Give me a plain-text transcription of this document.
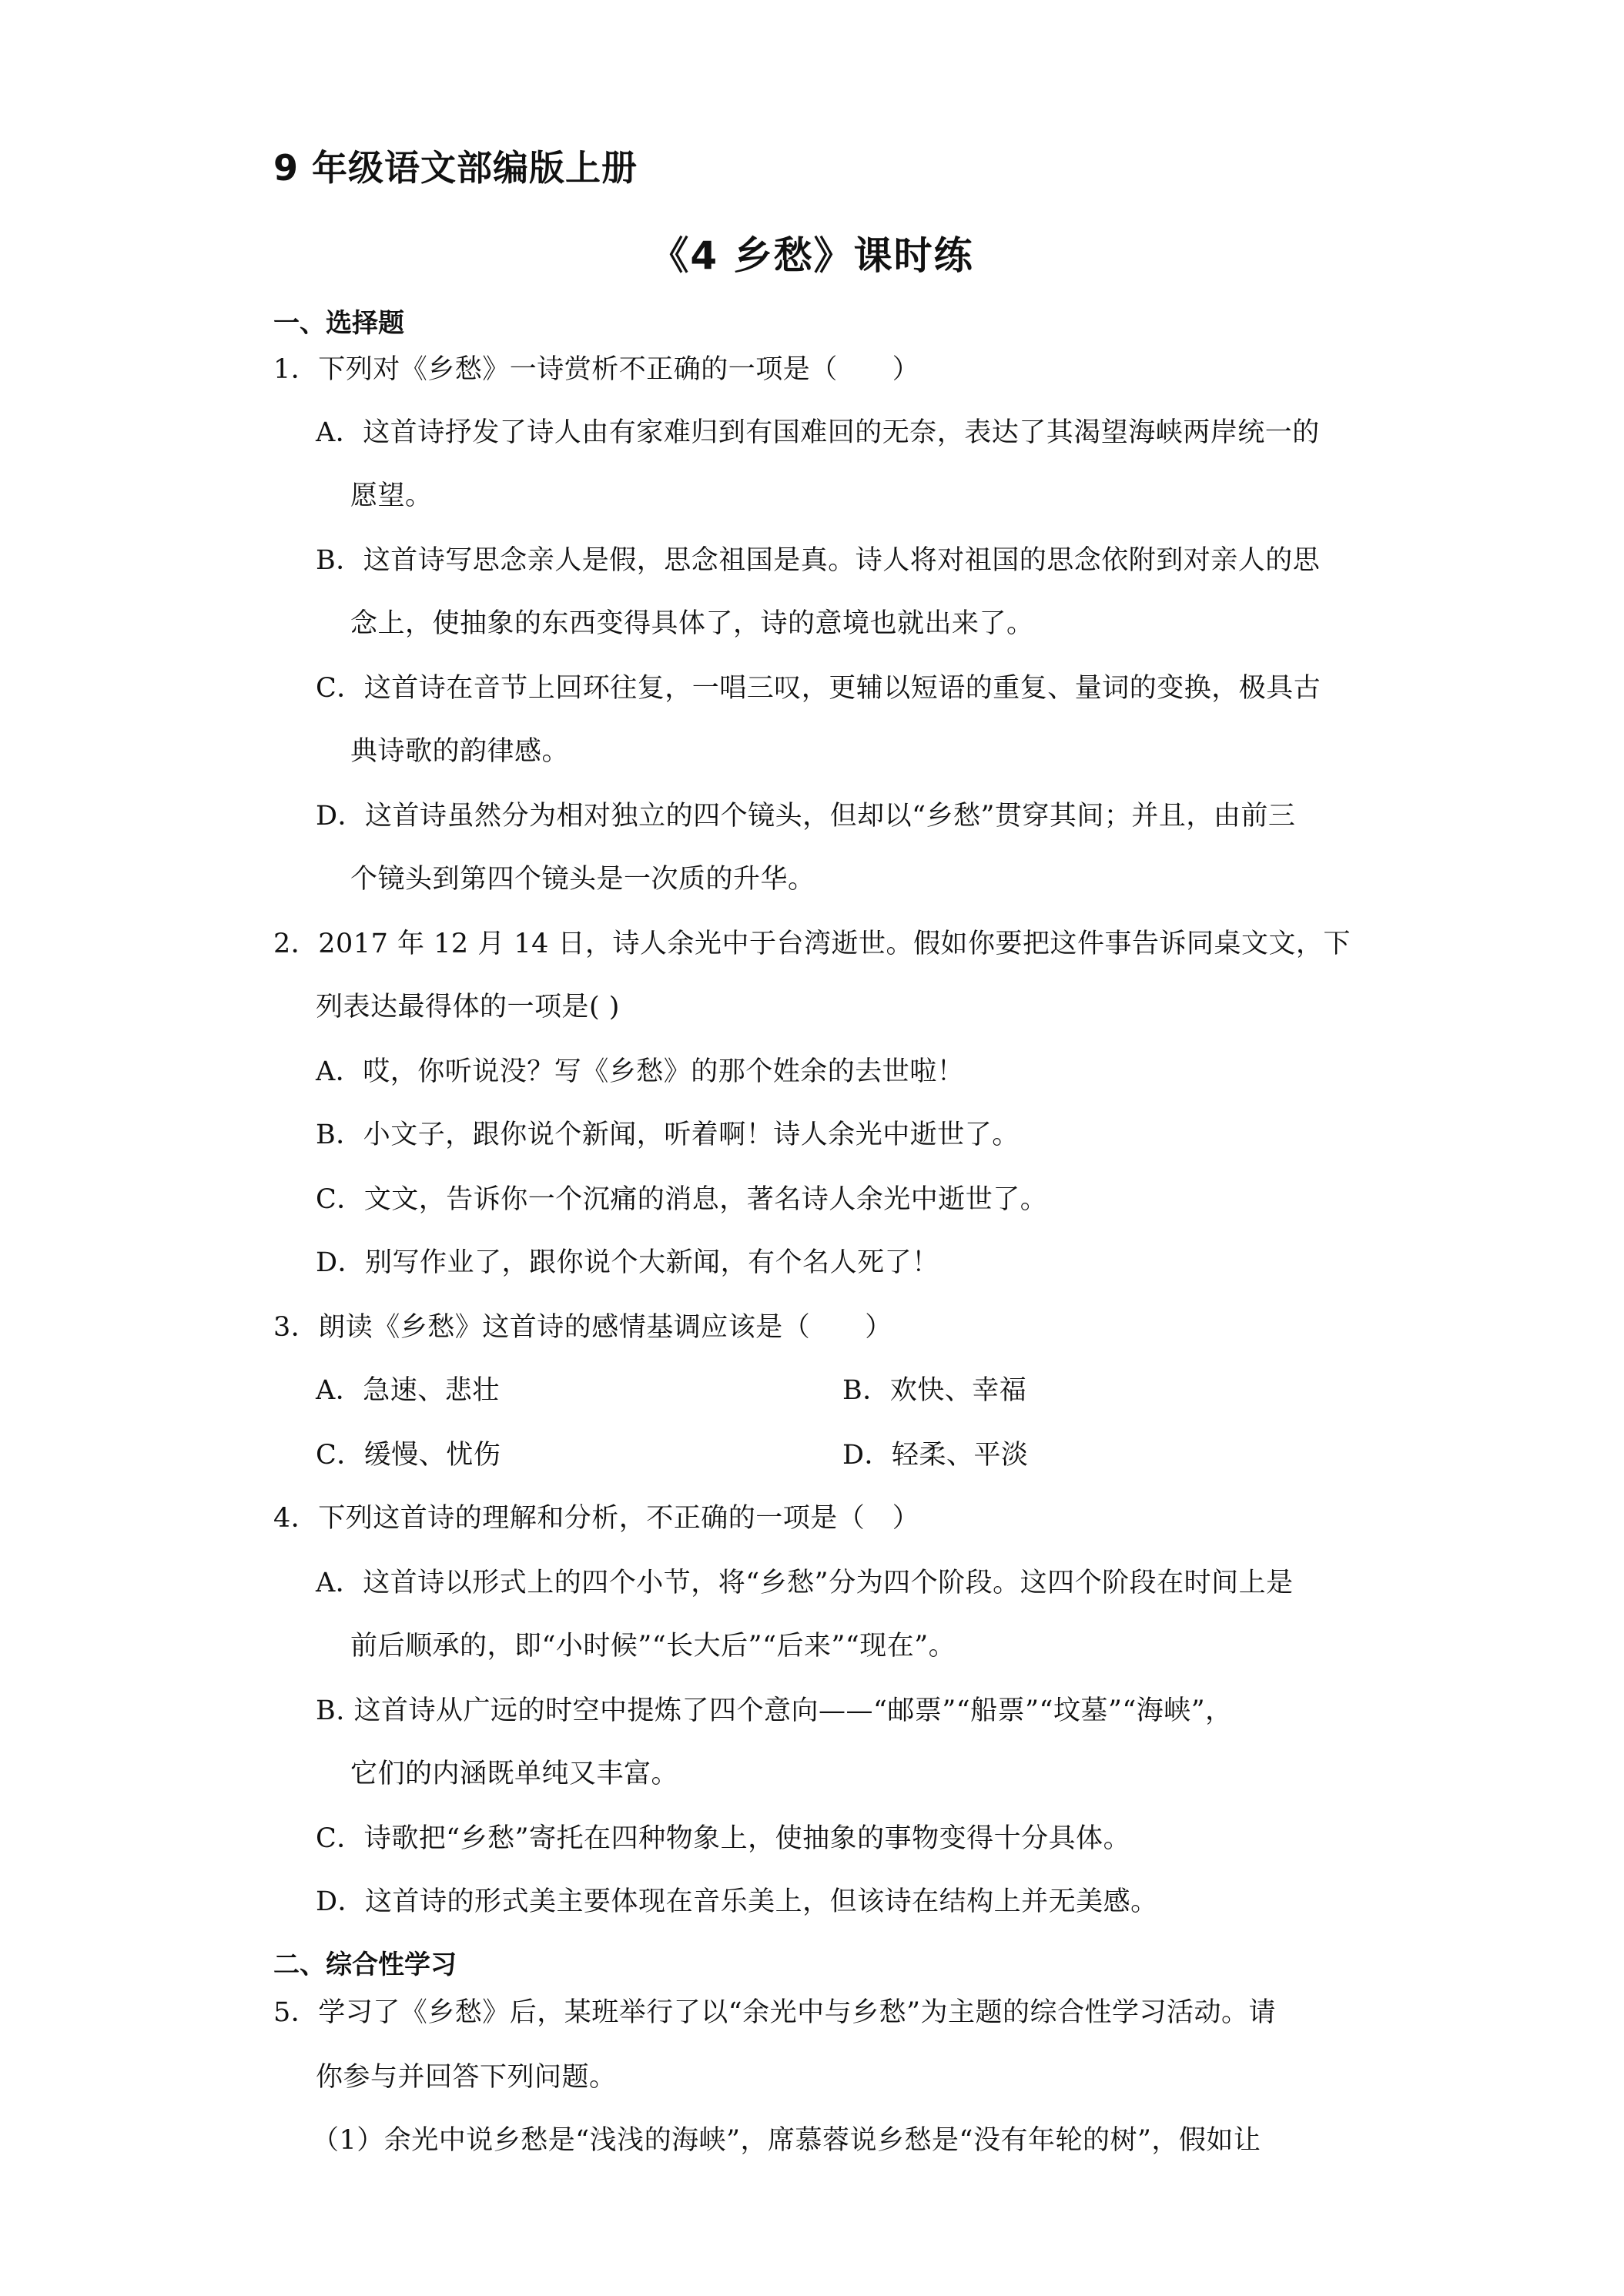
9 年级语文部编版上册
《4 乡愁》课时练
一、选择题
1．下列对《乡愁》一诗赏析不正确的一项是（　　）
A．这首诗抒发了诗人由有家难归到有国难回的无奈，表达了其渴望海峡两岸统一的
愿望。
B．这首诗写思念亲人是假，思念祖国是真。诗人将对祖国的思念依附到对亲人的思
念上，使抽象的东西变得具体了，诗的意境也就出来了。
C．这首诗在音节上回环往复，一唱三叹，更辅以短语的重复、量词的变换，极具古
典诗歌的韵律感。
D．这首诗虽然分为相对独立的四个镜头，但却以“乡愁”贯穿其间；并且，由前三
个镜头到第四个镜头是一次质的升华。
2．2017 年 12 月 14 日，诗人余光中于台湾逝世。假如你要把这件事告诉同桌文文，下
列表达最得体的一项是( )
A．哎，你听说没？写《乡愁》的那个姓余的去世啦！
B．小文子，跟你说个新闻，听着啊！诗人余光中逝世了。
C．文文，告诉你一个沉痛的消息，著名诗人余光中逝世了。
D．别写作业了，跟你说个大新闻，有个名人死了！
3．朗读《乡愁》这首诗的感情基调应该是（　　）
A．急速、悲壮	B．欢快、幸福
C．缓慢、忧伤	D．轻柔、平淡
4．下列这首诗的理解和分析，不正确的一项是（　）
A．这首诗以形式上的四个小节，将“乡愁”分为四个阶段。这四个阶段在时间上是
前后顺承的，即“小时候”“长大后”“后来”“现在”。
B. 这首诗从广远的时空中提炼了四个意向——“邮票”“船票”“坟墓”“海峡”，
它们的内涵既单纯又丰富。
C．诗歌把“乡愁”寄托在四种物象上，使抽象的事物变得十分具体。
D．这首诗的形式美主要体现在音乐美上，但该诗在结构上并无美感。
二、综合性学习
5．学习了《乡愁》后，某班举行了以“余光中与乡愁”为主题的综合性学习活动。请
你参与并回答下列问题。
（1）余光中说乡愁是“浅浅的海峡”，席慕蓉说乡愁是“没有年轮的树”，假如让
